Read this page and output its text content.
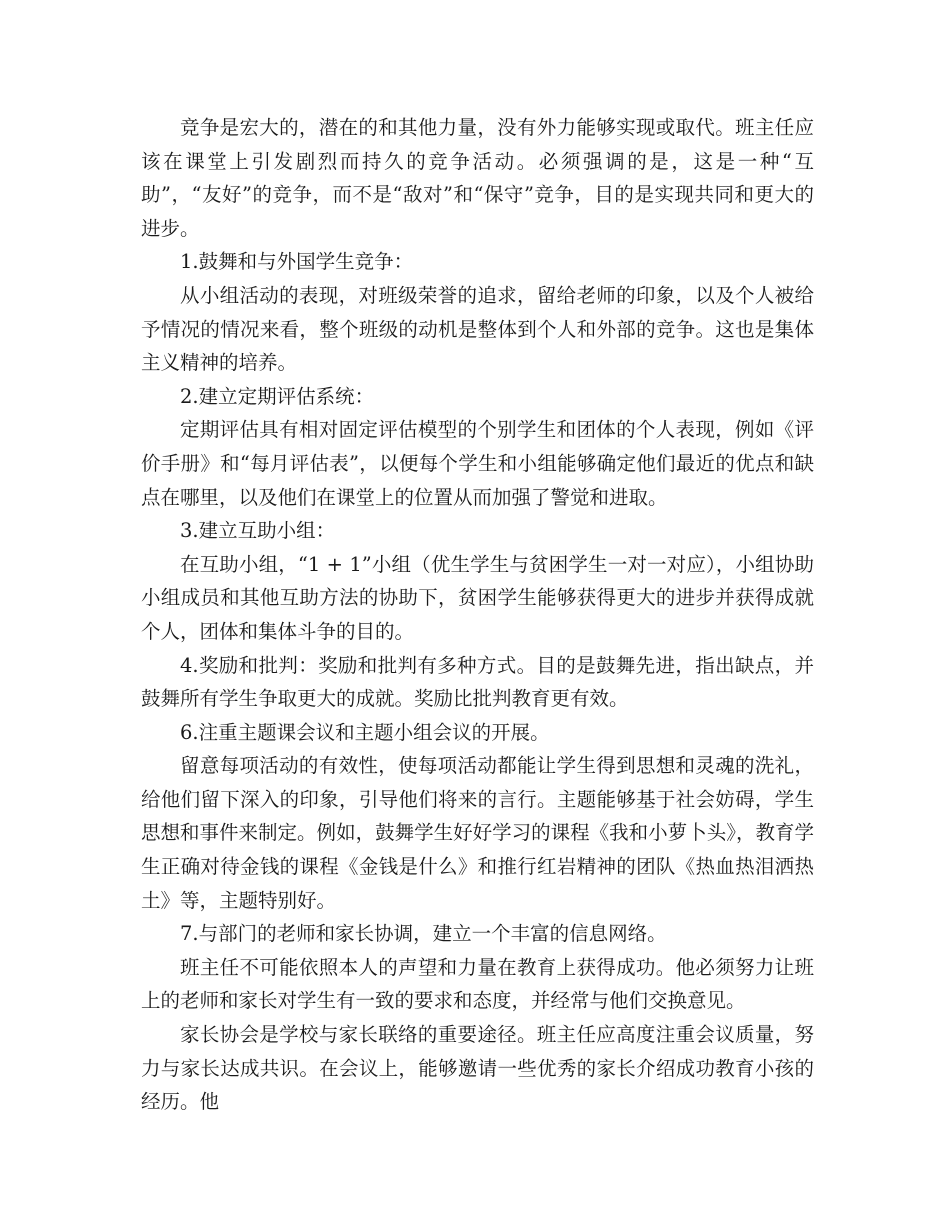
竞争是宏大的，潜在的和其他力量，没有外力能够实现或取代。班主任应该在课堂上引发剧烈而持久的竞争活动。必须强调的是，这是一种“互助”，“友好”的竞争，而不是“敌对”和“保守”竞争，目的是实现共同和更大的进步。

1.鼓舞和与外国学生竞争：

从小组活动的表现，对班级荣誉的追求，留给老师的印象，以及个人被给予情况的情况来看，整个班级的动机是整体到个人和外部的竞争。这也是集体主义精神的培养。

2.建立定期评估系统：

定期评估具有相对固定评估模型的个别学生和团体的个人表现，例如《评价手册》和“每月评估表”，以便每个学生和小组能够确定他们最近的优点和缺点在哪里，以及他们在课堂上的位置从而加强了警觉和进取。

3.建立互助小组：

在互助小组，“1 + 1”小组（优生学生与贫困学生一对一对应），小组协助小组成员和其他互助方法的协助下，贫困学生能够获得更大的进步并获得成就个人，团体和集体斗争的目的。

4.奖励和批判：奖励和批判有多种方式。目的是鼓舞先进，指出缺点，并鼓舞所有学生争取更大的成就。奖励比批判教育更有效。

6.注重主题课会议和主题小组会议的开展。

留意每项活动的有效性，使每项活动都能让学生得到思想和灵魂的洗礼，给他们留下深入的印象，引导他们将来的言行。主题能够基于社会妨碍，学生思想和事件来制定。例如，鼓舞学生好好学习的课程《我和小萝卜头》，教育学生正确对待金钱的课程《金钱是什么》和推行红岩精神的团队《热血热泪洒热土》等，主题特别好。

7.与部门的老师和家长协调，建立一个丰富的信息网络。

班主任不可能依照本人的声望和力量在教育上获得成功。他必须努力让班上的老师和家长对学生有一致的要求和态度，并经常与他们交换意见。

家长协会是学校与家长联络的重要途径。班主任应高度注重会议质量，努力与家长达成共识。在会议上，能够邀请一些优秀的家长介绍成功教育小孩的经历。他
